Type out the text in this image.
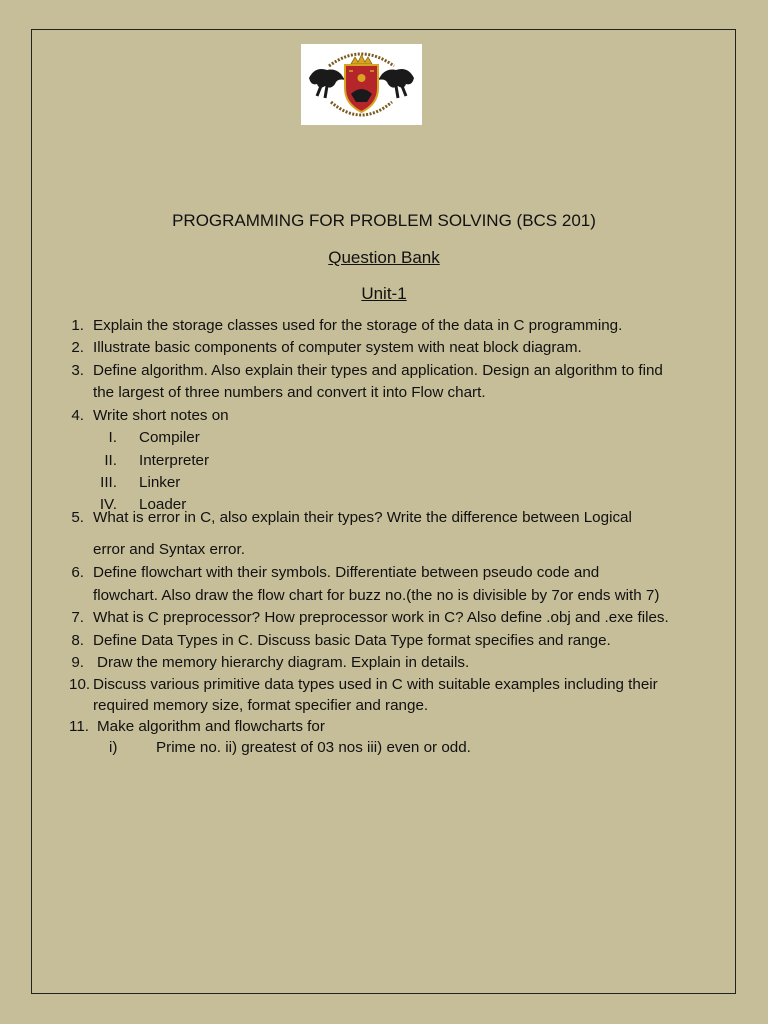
PROGRAMMING FOR PROBLEM SOLVING (BCS 201)
Question Bank
Unit-1
1. Explain the storage classes used for the storage of the data in C programming.
2. Illustrate basic components of computer system with neat block diagram.
3. Define algorithm. Also explain their types and application. Design an algorithm to find
the largest of three numbers and convert it into Flow chart.
4. Write short notes on
I. Compiler
II. Interpreter
III. Linker
IV. Loader
5. What is error in C, also explain their types? Write the difference between Logical
error and Syntax error.
6. Define flowchart with their symbols. Differentiate between pseudo code and
flowchart. Also draw the flow chart for buzz no.(the no is divisible by 7or ends with 7)
7. What is C preprocessor? How preprocessor work in C? Also define .obj and .exe files.
8. Define Data Types in C. Discuss basic Data Type format specifies and range.
9. Draw the memory hierarchy diagram. Explain in details.
10. Discuss various primitive data types used in C with suitable examples including their
required memory size, format specifier and range.
11. Make algorithm and flowcharts for
i)	Prime no. ii) greatest of 03 nos iii) even or odd.
